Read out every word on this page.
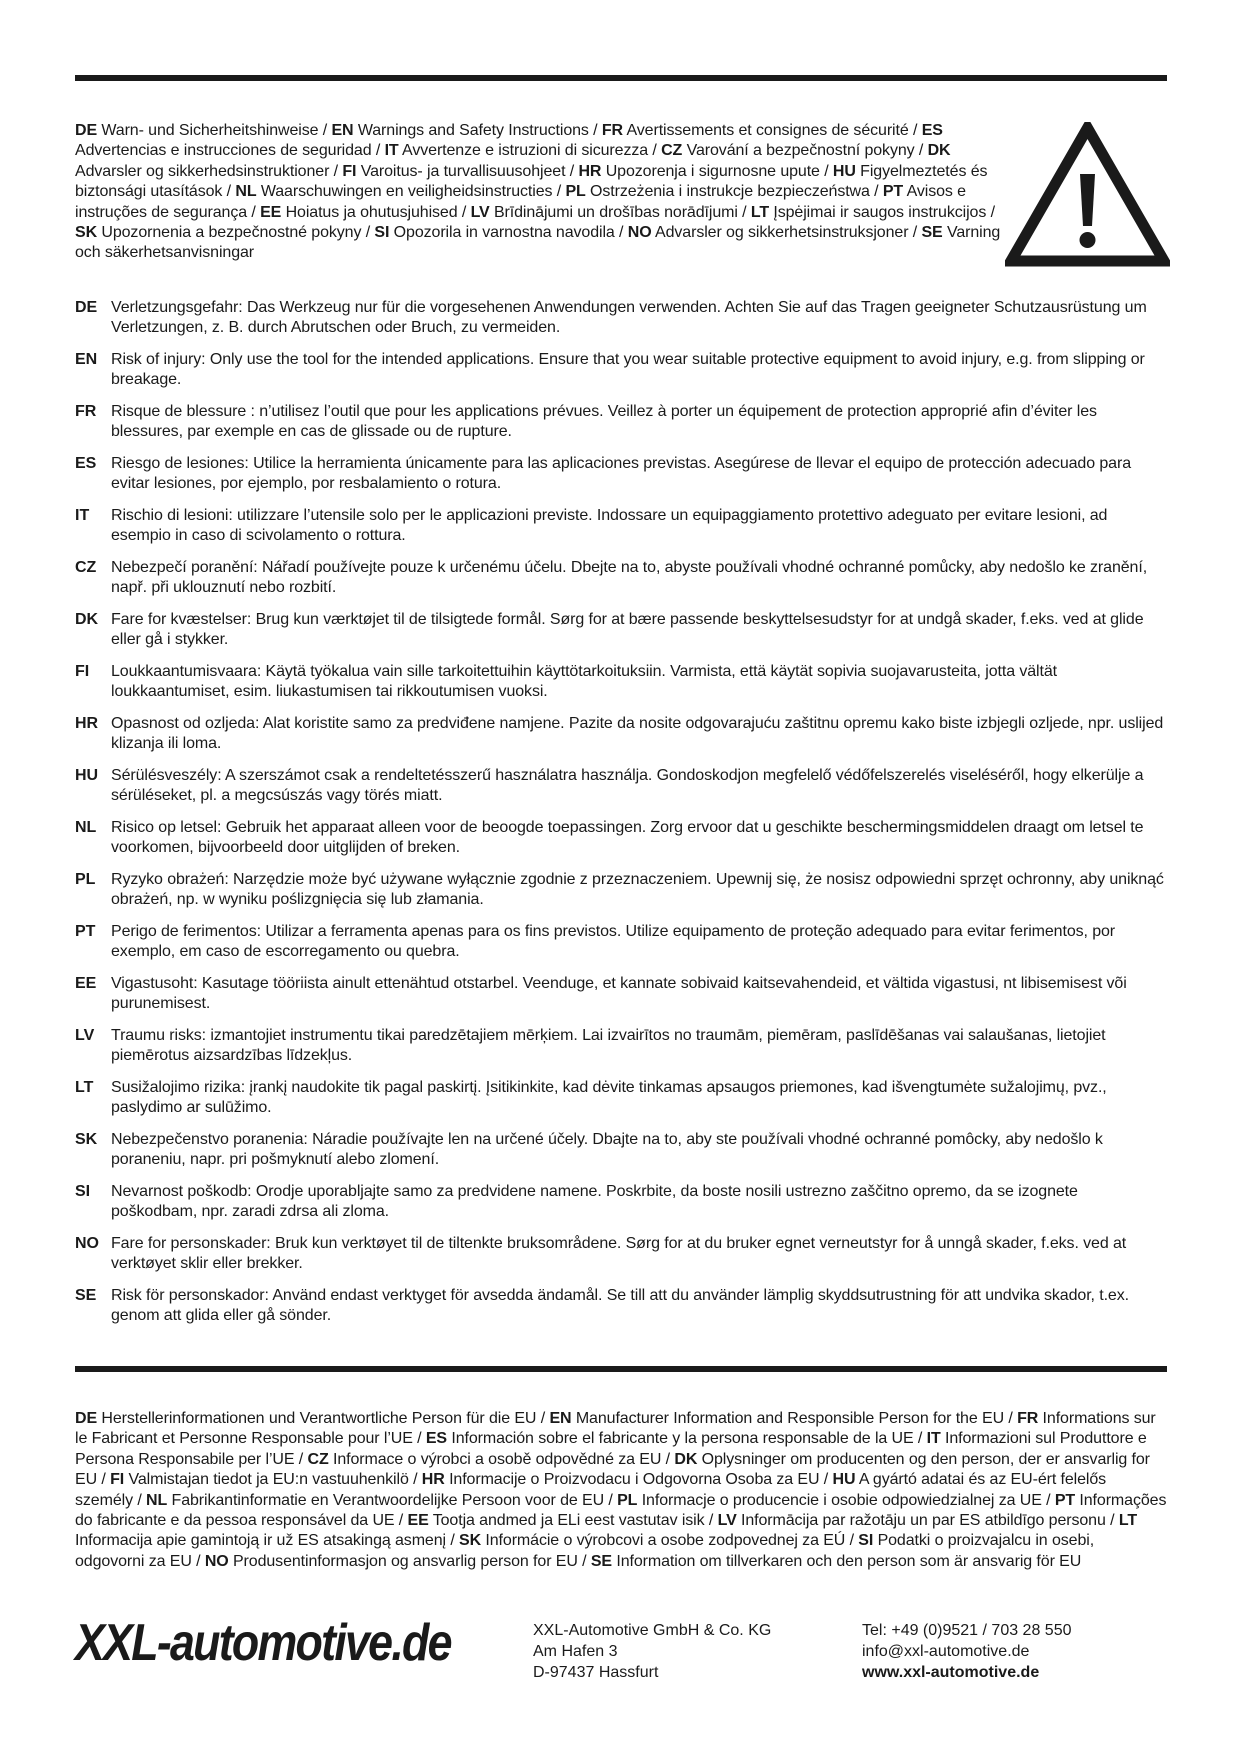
DE Warn- und Sicherheitshinweise / EN Warnings and Safety Instructions / FR Avertissements et consignes de sécurité / ES Advertencias e instrucciones de seguridad / IT Avvertenze e istruzioni di sicurezza / CZ Varování a bezpečnostní pokyny / DK Advarsler og sikkerhedsinstruktioner / FI Varoitus- ja turvallisuusohjeet / HR Upozorenja i sigurnosne upute / HU Figyelmeztetés és biztonsági utasítások / NL Waarschuwingen en veiligheidsinstructies / PL Ostrzeżenia i instrukcje bezpieczeństwa / PT Avisos e instruções de segurança / EE Hoiatus ja ohutusjuhised / LV Brīdinājumi un drošības norādījumi / LT Įspėjimai ir saugos instrukcijos / SK Upozornenia a bezpečnostné pokyny / SI Opozorila in varnostna navodila / NO Advarsler og sikkerhetsinstruksjoner / SE Varning och säkerhetsanvisningar
DE Verletzungsgefahr: Das Werkzeug nur für die vorgesehenen Anwendungen verwenden. Achten Sie auf das Tragen geeigneter Schutzausrüstung um Verletzungen, z. B. durch Abrutschen oder Bruch, zu vermeiden.
EN Risk of injury: Only use the tool for the intended applications. Ensure that you wear suitable protective equipment to avoid injury, e.g. from slipping or breakage.
FR Risque de blessure : n’utilisez l’outil que pour les applications prévues. Veillez à porter un équipement de protection approprié afin d’éviter les blessures, par exemple en cas de glissade ou de rupture.
ES Riesgo de lesiones: Utilice la herramienta únicamente para las aplicaciones previstas. Asegúrese de llevar el equipo de protección adecuado para evitar lesiones, por ejemplo, por resbalamiento o rotura.
IT	Rischio di lesioni: utilizzare l’utensile solo per le applicazioni previste. Indossare un equipaggiamento protettivo adeguato per evitare lesioni, ad esempio in caso di scivolamento o rottura.
CZ Nebezpečí poranění: Nářadí používejte pouze k určenému účelu. Dbejte na to, abyste používali vhodné ochranné pomůcky, aby nedošlo ke zranění, např. při uklouznutí nebo rozbití.
DK Fare for kvæstelser: Brug kun værktøjet til de tilsigtede formål. Sørg for at bære passende beskyttelsesudstyr for at undgå skader, f.eks. ved at glide eller gå i stykker.
FI	Loukkaantumisvaara: Käytä työkalua vain sille tarkoitettuihin käyttötarkoituksiin. Varmista, että käytät sopivia suojavarusteita, jotta vältät loukkaantumiset, esim. liukastumisen tai rikkoutumisen vuoksi.
HR Opasnost od ozljeda: Alat koristite samo za predviđene namjene. Pazite da nosite odgovarajuću zaštitnu opremu kako biste izbjegli ozljede, npr. uslijed klizanja ili loma.
HU Sérülésveszély: A szerszámot csak a rendeltetésszerű használatra használja. Gondoskodjon megfelelő védőfelszerelés viseléséről, hogy elkerülje a sérüléseket, pl. a megcsúszás vagy törés miatt.
NL Risico op letsel: Gebruik het apparaat alleen voor de beoogde toepassingen. Zorg ervoor dat u geschikte beschermingsmiddelen draagt om letsel te voorkomen, bijvoorbeeld door uitglijden of breken.
PL Ryzyko obrażeń: Narzędzie może być używane wyłącznie zgodnie z przeznaczeniem. Upewnij się, że nosisz odpowiedni sprzęt ochronny, aby uniknąć obrażeń, np. w wyniku poślizgnięcia się lub złamania.
PT Perigo de ferimentos: Utilizar a ferramenta apenas para os fins previstos. Utilize equipamento de proteção adequado para evitar ferimentos, por exemplo, em caso de escorregamento ou quebra.
EE Vigastusoht: Kasutage tööriista ainult ettenähtud otstarbel. Veenduge, et kannate sobivaid kaitsevahendeid, et vältida vigastusi, nt libisemisest või purunemisest.
LV	Traumu risks: izmantojiet instrumentu tikai paredzētajiem mērķiem. Lai izvairītos no traumām, piemēram, paslīdēšanas vai salaušanas, lietojiet piemērotus aizsardzības līdzekļus.
LT	Susižalojimo rizika: įrankį naudokite tik pagal paskirtį. Įsitikinkite, kad dėvite tinkamas apsaugos priemones, kad išvengtumėte sužalojimų, pvz., paslydimo ar sulūžimo.
SK Nebezpečenstvo poranenia: Náradie používajte len na určené účely. Dbajte na to, aby ste používali vhodné ochranné pomôcky, aby nedošlo k poraneniu, napr. pri pošmyknutí alebo zlomení.
SI	Nevarnost poškodb: Orodje uporabljajte samo za predvidene namene. Poskrbite, da boste nosili ustrezno zaščitno opremo, da se izognete poškodbam, npr. zaradi zdrsa ali zloma.
NO Fare for personskader: Bruk kun verktøyet til de tiltenkte bruksområdene. Sørg for at du bruker egnet verneutstyr for å unngå skader, f.eks. ved at verktøyet sklir eller brekker.
SE Risk för personskador: Använd endast verktyget för avsedda ändamål. Se till att du använder lämplig skyddsutrustning för att undvika skador, t.ex. genom att glida eller gå sönder.
DE Herstellerinformationen und Verantwortliche Person für die EU / EN Manufacturer Information and Responsible Person for the EU / FR Informations sur le Fabricant et Personne Responsable pour l’UE / ES Información sobre el fabricante y la persona responsable de la UE / IT Informazioni sul Produttore e Persona Responsabile per l’UE / CZ Informace o výrobci a osobě odpovědné za EU / DK Oplysninger om producenten og den person, der er ansvarlig for EU / FI Valmistajan tiedot ja EU:n vastuuhenkilö / HR Informacije o Proizvodacu i Odgovorna Osoba za EU / HU A gyártó adatai és az EU-ért felelős személy / NL Fabrikantinformatie en Verantwoordelijke Persoon voor de EU / PL Informacje o producencie i osobie odpowiedzialnej za UE / PT Informações do fabricante e da pessoa responsável da UE / EE Tootja andmed ja ELi eest vastutav isik / LV Informācija par ražotāju un par ES atbildīgo personu / LT Informacija apie gamintoją ir už ES atsakingą asmenį / SK Informácie o výrobcovi a osobe zodpovednej za EÚ / SI Podatki o proizvajalcu in osebi, odgovorni za EU / NO Produsentinformasjon og ansvarlig person for EU / SE Information om tillverkaren och den person som är ansvarig för EU
XXL-automotive.de	XXL-Automotive GmbH & Co. KG
Am Hafen 3
D-97437 Hassfurt
Tel: +49 (0)9521 / 703 28 550
info@xxl-automotive.de
www.xxl-automotive.de
